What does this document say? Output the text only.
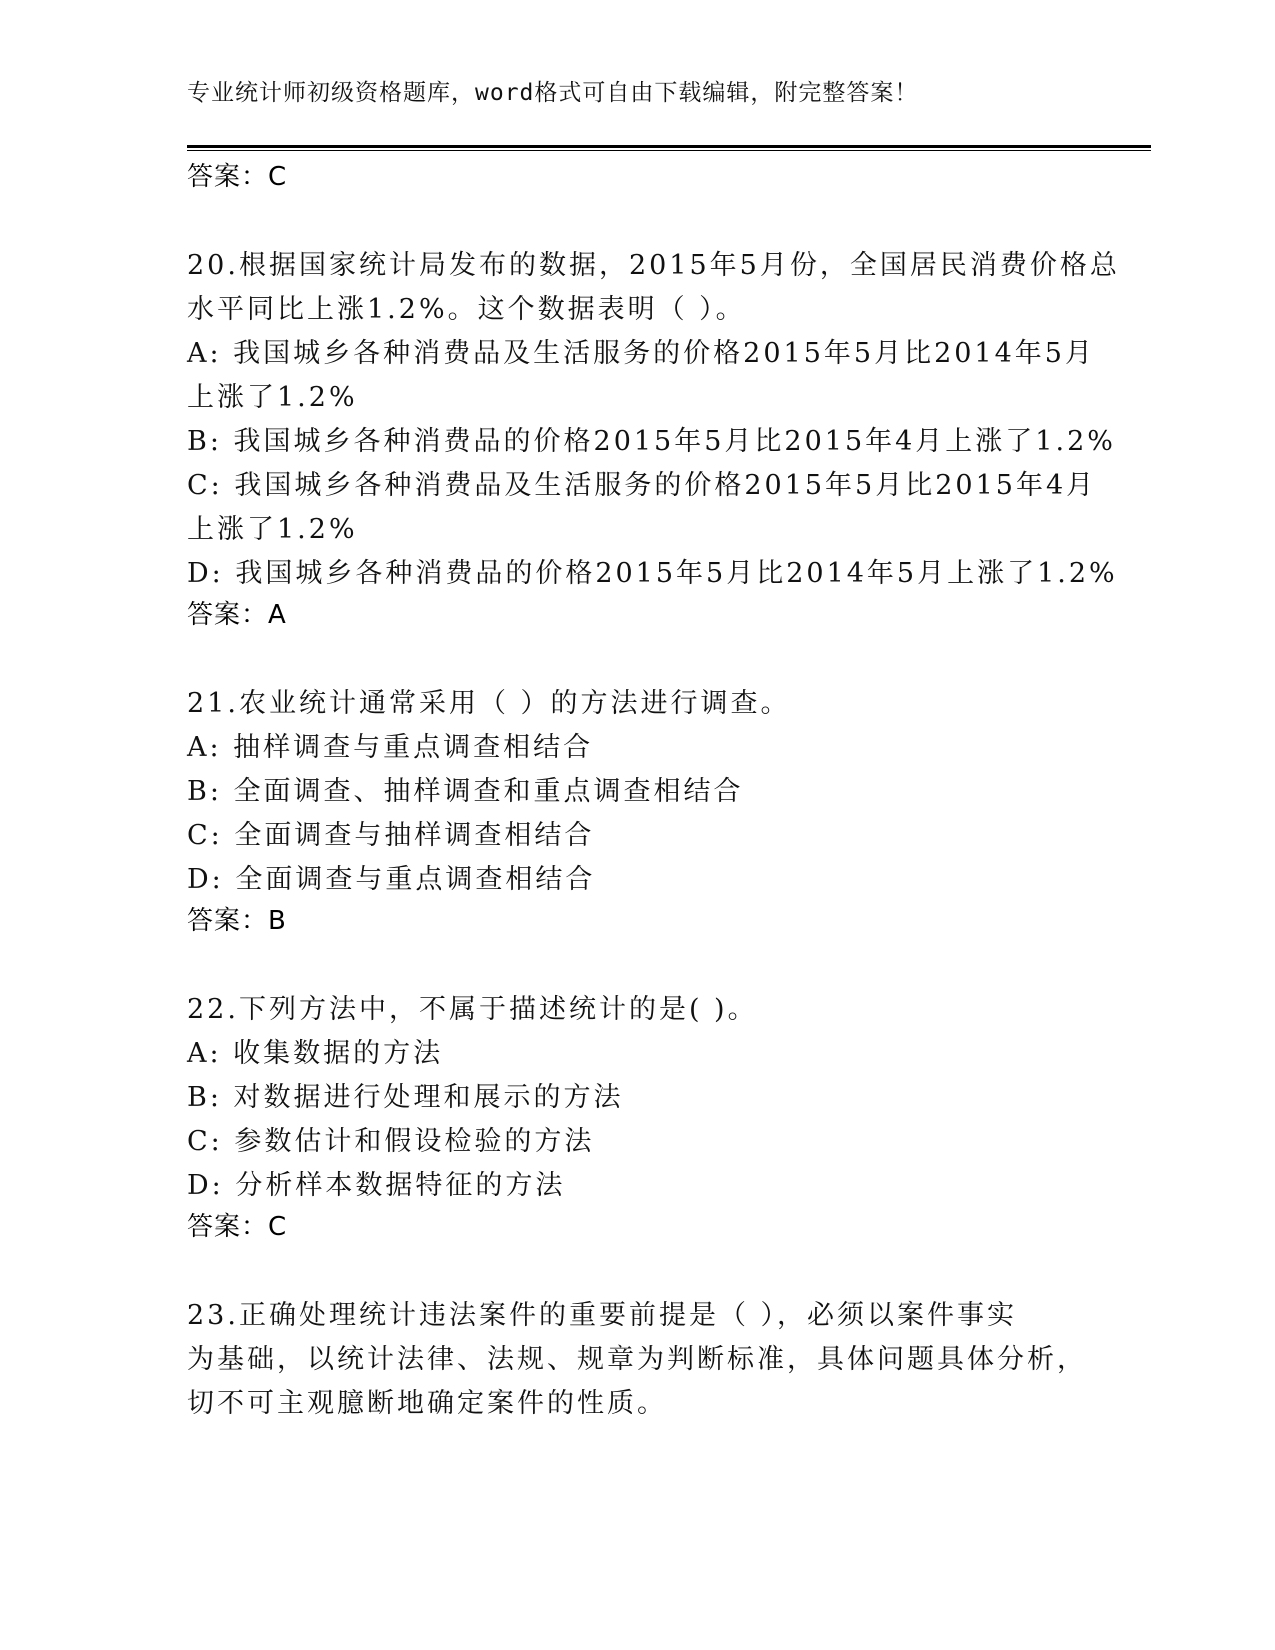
专业统计师初级资格题库，word格式可自由下载编辑，附完整答案！
答案：C
20.根据国家统计局发布的数据，2015年5月份，全国居民消费价格总
水平同比上涨1.2%。这个数据表明（ ）。
A: 我国城乡各种消费品及生活服务的价格2015年5月比2014年5月
上涨了1.2%
B: 我国城乡各种消费品的价格2015年5月比2015年4月上涨了1.2%
C: 我国城乡各种消费品及生活服务的价格2015年5月比2015年4月
上涨了1.2%
D: 我国城乡各种消费品的价格2015年5月比2014年5月上涨了1.2%
答案：A
21.农业统计通常采用（ ）的方法进行调查。
A: 抽样调查与重点调查相结合
B: 全面调查、抽样调查和重点调查相结合
C: 全面调查与抽样调查相结合
D: 全面调查与重点调查相结合
答案：B
22.下列方法中，不属于描述统计的是( )。
A: 收集数据的方法
B: 对数据进行处理和展示的方法
C: 参数估计和假设检验的方法
D: 分析样本数据特征的方法
答案：C
23.正确处理统计违法案件的重要前提是（ ），必须以案件事实
为基础，以统计法律、法规、规章为判断标准，具体问题具体分析，
切不可主观臆断地确定案件的性质。
